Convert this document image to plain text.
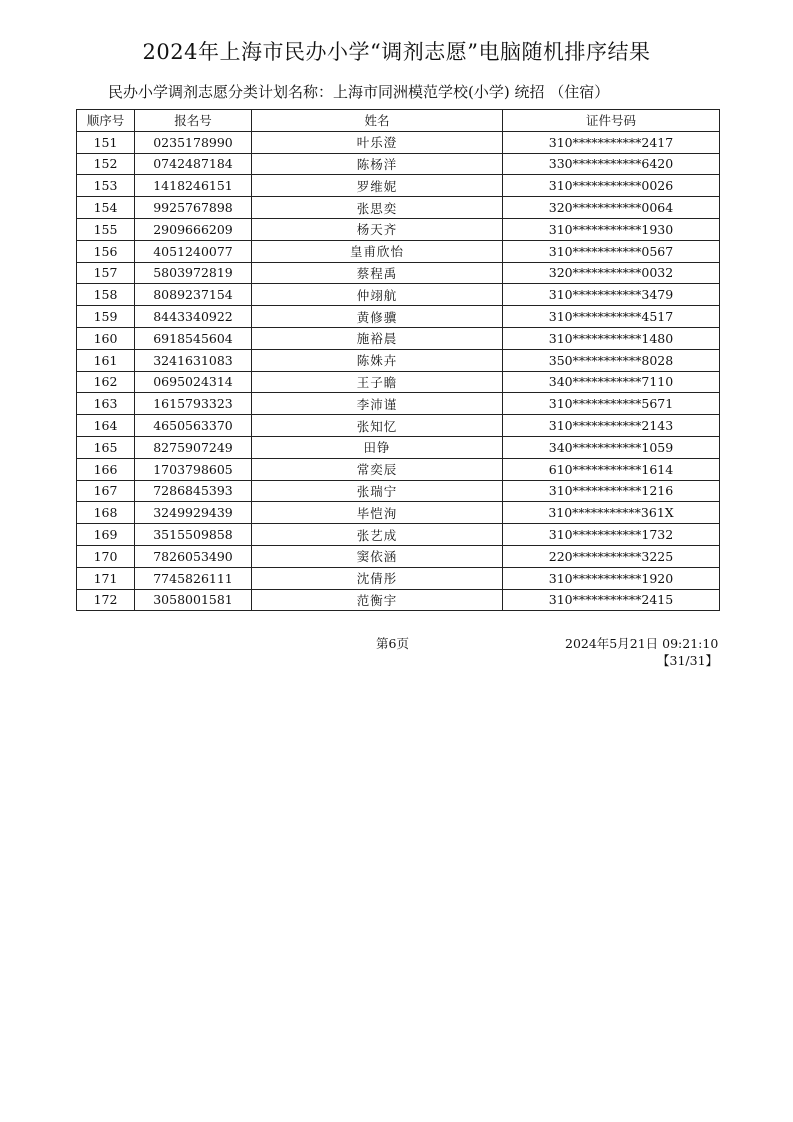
2024年上海市民办小学“调剂志愿”电脑随机排序结果
民办小学调剂志愿分类计划名称：上海市同洲模范学校(小学) 统招 （住宿）
顺序号	报名号	姓名	证件号码
151	0235178990	叶乐澄	310***********2417
152	0742487184	陈杨洋	330***********6420
153	1418246151	罗维妮	310***********0026
154	9925767898	张思奕	320***********0064
155	2909666209	杨天齐	310***********1930
156	4051240077	皇甫欣怡	310***********0567
157	5803972819	蔡程禹	320***********0032
158	8089237154	仲翊航	310***********3479
159	8443340922	黄修骥	310***********4517
160	6918545604	施裕晨	310***********1480
161	3241631083	陈姝卉	350***********8028
162	0695024314	王子瞻	340***********7110
163	1615793323	李沛谨	310***********5671
164	4650563370	张知忆	310***********2143
165	8275907249	田铮	340***********1059
166	1703798605	常奕辰	610***********1614
167	7286845393	张瑞宁	310***********1216
168	3249929439	毕恺洵	310***********361X
169	3515509858	张艺成	310***********1732
170	7826053490	窦依涵	220***********3225
171	7745826111	沈倩彤	310***********1920
172	3058001581	范衡宇	310***********2415
第6页	2024年5月21日 09:21:10
【31/31】
